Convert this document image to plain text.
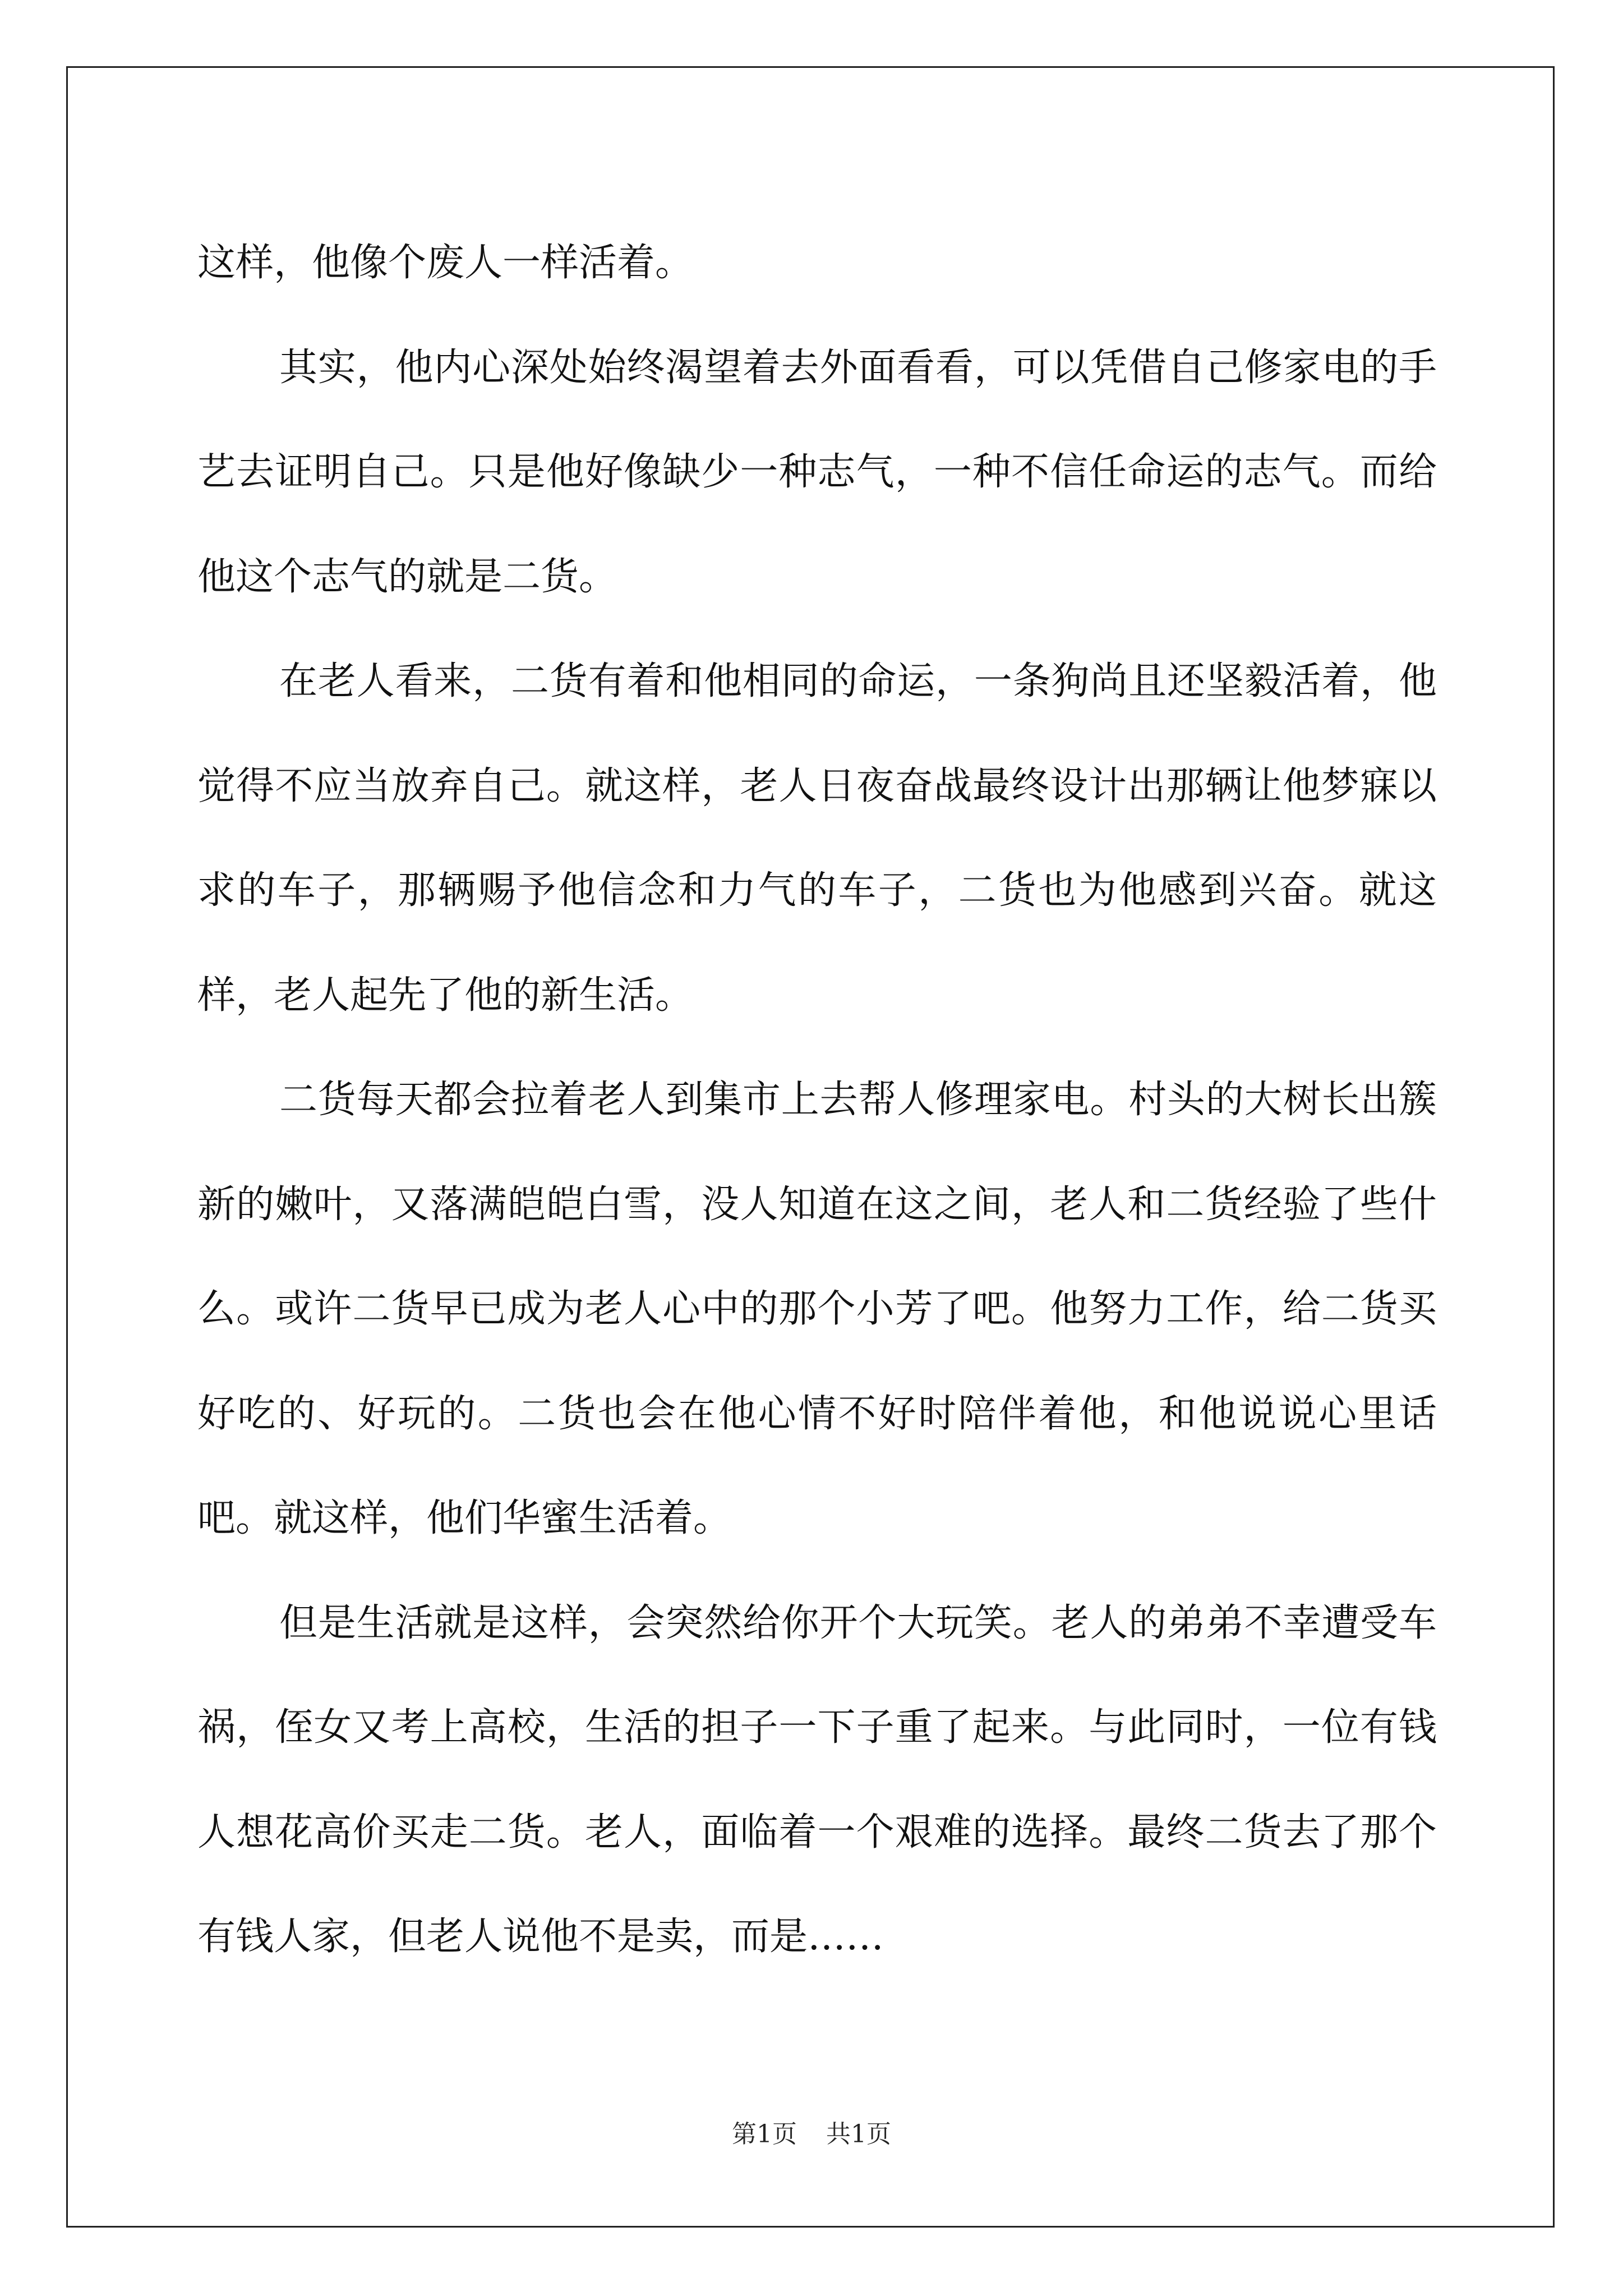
这样，他像个废人一样活着。

其实，他内心深处始终渴望着去外面看看，可以凭借自己修家电的手艺去证明自己。只是他好像缺少一种志气，一种不信任命运的志气。而给他这个志气的就是二货。

在老人看来，二货有着和他相同的命运，一条狗尚且还坚毅活着，他觉得不应当放弃自己。就这样，老人日夜奋战最终设计出那辆让他梦寐以求的车子，那辆赐予他信念和力气的车子，二货也为他感到兴奋。就这样，老人起先了他的新生活。

二货每天都会拉着老人到集市上去帮人修理家电。村头的大树长出簇新的嫩叶，又落满皑皑白雪，没人知道在这之间，老人和二货经验了些什么。或许二货早已成为老人心中的那个小芳了吧。他努力工作，给二货买好吃的、好玩的。二货也会在他心情不好时陪伴着他，和他说说心里话吧。就这样，他们华蜜生活着。

但是生活就是这样，会突然给你开个大玩笑。老人的弟弟不幸遭受车祸，侄女又考上高校，生活的担子一下子重了起来。与此同时，一位有钱人想花高价买走二货。老人，面临着一个艰难的选择。最终二货去了那个有钱人家，但老人说他不是卖，而是……

第1页 共1页
